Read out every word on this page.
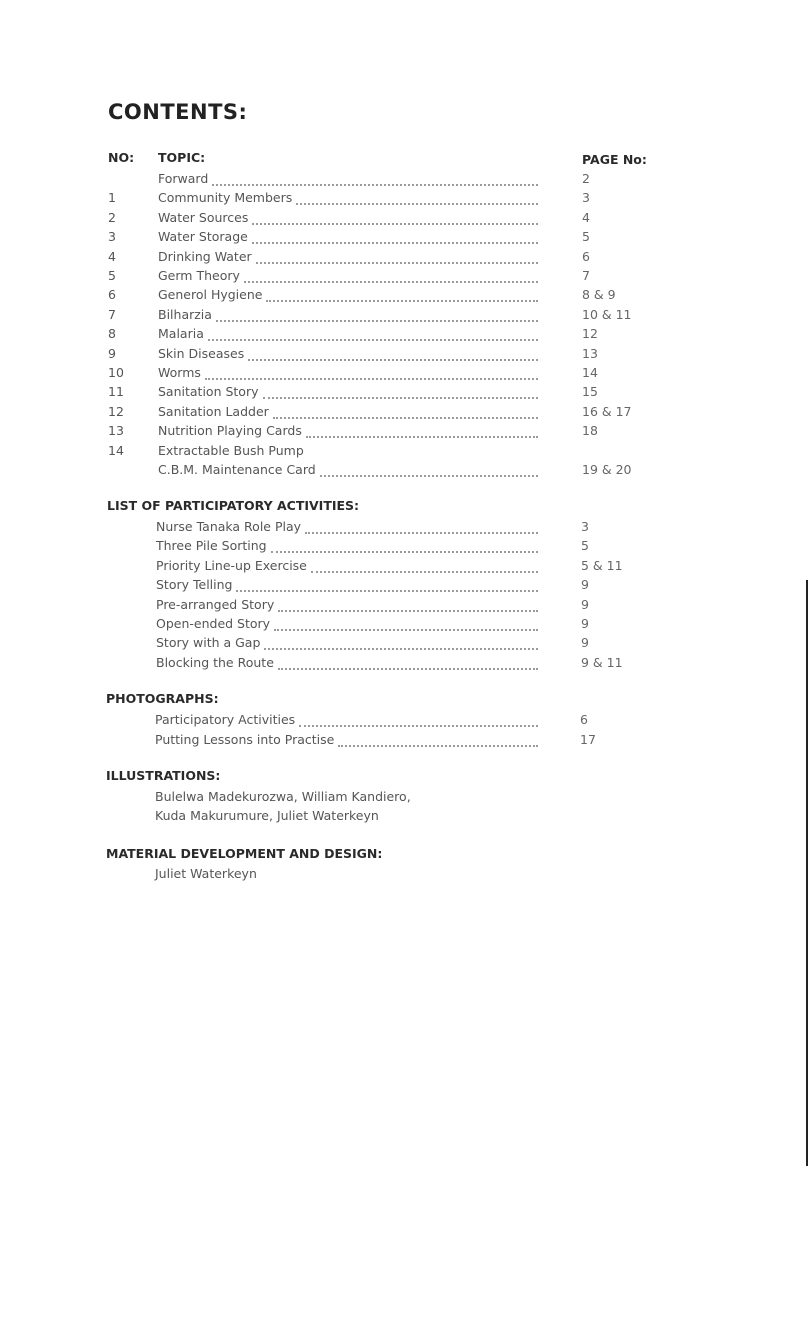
CONTENTS:
NO: TOPIC:	PAGE No:
Forward	2
1	Community Members	3
2	Water Sources	4
3	Water Storage	5
4	Drinking Water	6
5	Germ Theory	7
6	Generol Hygiene	8 & 9
7	Bilharzia	10 & 11
8	Malaria	12
9	Skin Diseases	13
10	Worms	14
11	Sanitation Story	15
12	Sanitation Ladder	16 & 17
13	Nutrition Playing Cards	18
14	Extractable Bush Pump
C.B.M. Maintenance Card	19 & 20
LIST OF PARTICIPATORY ACTIVITIES:
Nurse Tanaka Role Play	3
Three Pile Sorting	5
Priority Line-up Exercise	5 & 11
Story Telling	9
Pre-arranged Story	9
Open-ended Story	9
Story with a Gap	9
Blocking the Route	9 & 11
PHOTOGRAPHS:
Participatory Activities	6
Putting Lessons into Practise	17
ILLUSTRATIONS:
Bulelwa Madekurozwa, William Kandiero,
Kuda Makurumure, Juliet Waterkeyn
MATERIAL DEVELOPMENT AND DESIGN:
Juliet Waterkeyn
